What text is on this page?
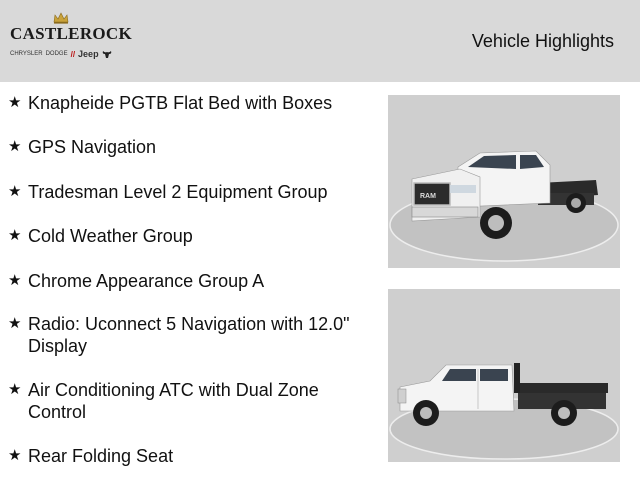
CASTLEROCK
CHRYSLER DODGE // Jeep
Vehicle Highlights
★ Knapheide PGTB Flat Bed with Boxes
★ GPS Navigation
★ Tradesman Level 2 Equipment Group
★ Cold Weather Group
★ Chrome Appearance Group A
★ Radio: Uconnect 5 Navigation with 12.0" Display
★ Air Conditioning ATC with Dual Zone Control
★ Rear Folding Seat
RAM
